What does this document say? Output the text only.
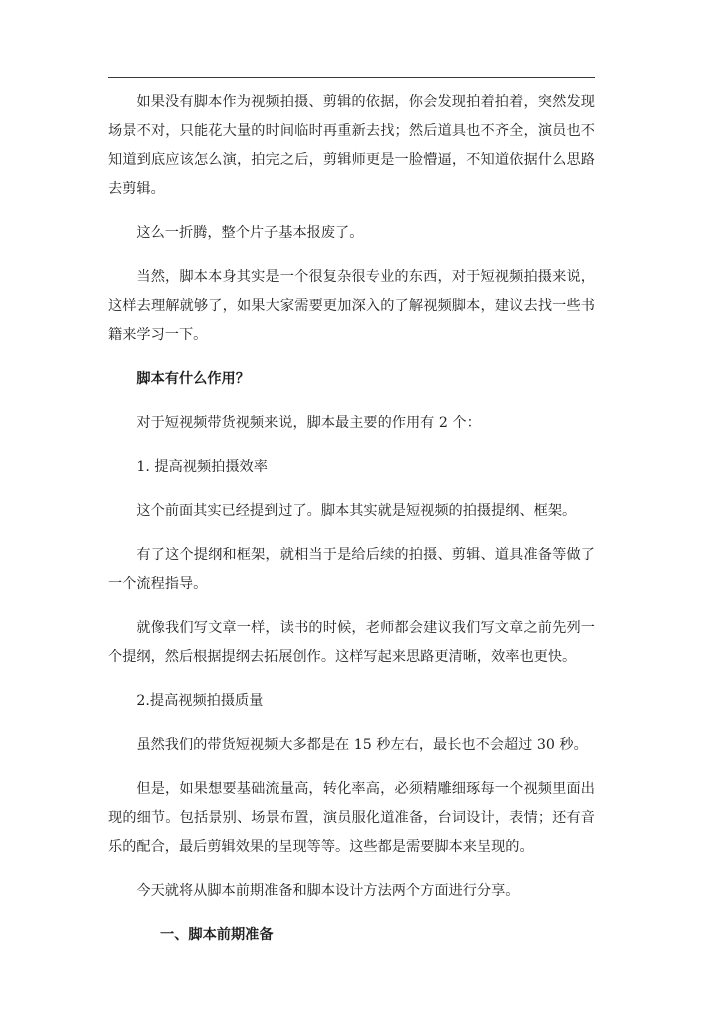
如果没有脚本作为视频拍摄、剪辑的依据，你会发现拍着拍着，突然发现场景不对，只能花大量的时间临时再重新去找；然后道具也不齐全，演员也不知道到底应该怎么演，拍完之后，剪辑师更是一脸懵逼，不知道依据什么思路去剪辑。

这么一折腾，整个片子基本报废了。

当然，脚本本身其实是一个很复杂很专业的东西，对于短视频拍摄来说，这样去理解就够了，如果大家需要更加深入的了解视频脚本，建议去找一些书籍来学习一下。

脚本有什么作用？

对于短视频带货视频来说，脚本最主要的作用有 2 个：

1. 提高视频拍摄效率

这个前面其实已经提到过了。脚本其实就是短视频的拍摄提纲、框架。

有了这个提纲和框架，就相当于是给后续的拍摄、剪辑、道具准备等做了一个流程指导。

就像我们写文章一样，读书的时候，老师都会建议我们写文章之前先列一个提纲，然后根据提纲去拓展创作。这样写起来思路更清晰，效率也更快。

2.提高视频拍摄质量

虽然我们的带货短视频大多都是在 15 秒左右，最长也不会超过 30 秒。

但是，如果想要基础流量高，转化率高，必须精雕细琢每一个视频里面出现的细节。包括景别、场景布置，演员服化道准备，台词设计，表情；还有音乐的配合，最后剪辑效果的呈现等等。这些都是需要脚本来呈现的。

今天就将从脚本前期准备和脚本设计方法两个方面进行分享。

一、脚本前期准备
